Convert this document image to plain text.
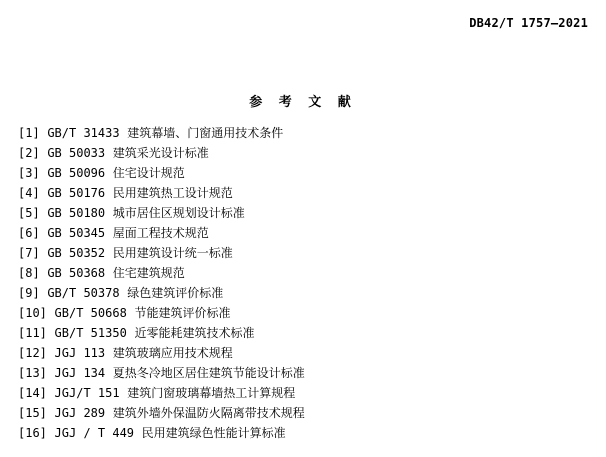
DB42/T 1757—2021
参 考 文 献
[1] GB/T 31433 建筑幕墙、门窗通用技术条件
[2] GB 50033 建筑采光设计标准
[3] GB 50096 住宅设计规范
[4] GB 50176 民用建筑热工设计规范
[5] GB 50180 城市居住区规划设计标准
[6] GB 50345 屋面工程技术规范
[7] GB 50352 民用建筑设计统一标准
[8] GB 50368 住宅建筑规范
[9] GB/T 50378 绿色建筑评价标准
[10] GB/T 50668 节能建筑评价标准
[11] GB/T 51350 近零能耗建筑技术标准
[12] JGJ 113 建筑玻璃应用技术规程
[13] JGJ 134 夏热冬冷地区居住建筑节能设计标准
[14] JGJ/T 151 建筑门窗玻璃幕墙热工计算规程
[15] JGJ 289 建筑外墙外保温防火隔离带技术规程
[16] JGJ / T 449 民用建筑绿色性能计算标准
